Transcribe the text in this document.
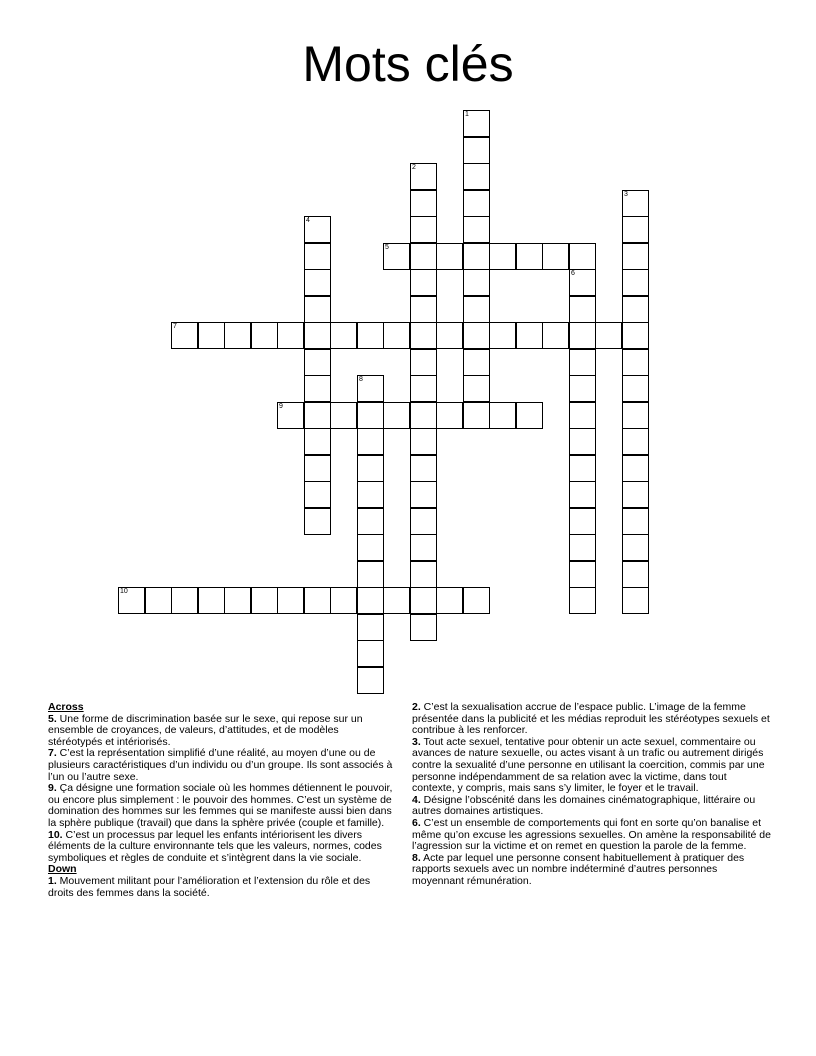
Mots clés
1
2
3
4
5
6
7
8
9
10

Across

5. Une forme de discrimination basée sur le sexe, qui repose sur un ensemble de croyances, de valeurs, d’attitudes, et de modèles stéréotypés et intériorisés.

7. C’est la représentation simplifié d’une réalité, au moyen d’une ou de plusieurs caractéristiques d’un individu ou d’un groupe. Ils sont associés à l’un ou l’autre sexe.

9. Ça désigne une formation sociale où les hommes détiennent le pouvoir, ou encore plus simplement : le pouvoir des hommes. C’est un système de domination des hommes sur les femmes qui se manifeste aussi bien dans la sphère publique (travail) que dans la sphère privée (couple et famille).

10. C’est un processus par lequel les enfants intériorisent les divers éléments de la culture environnante tels que les valeurs, normes, codes symboliques et règles de conduite et s’intègrent dans la vie sociale.

Down

1. Mouvement militant pour l’amélioration et l’extension du rôle et des droits des femmes dans la société.

2. C’est la sexualisation accrue de l’espace public. L’image de la femme présentée dans la publicité et les médias reproduit les stéréotypes sexuels et contribue à les renforcer.

3. Tout acte sexuel, tentative pour obtenir un acte sexuel, commentaire ou avances de nature sexuelle, ou actes visant à un trafic ou autrement dirigés contre la sexualité d’une personne en utilisant la coercition, commis par une personne indépendamment de sa relation avec la victime, dans tout contexte, y compris, mais sans s’y limiter, le foyer et le travail.

4. Désigne l’obscénité dans les domaines cinématographique, littéraire ou autres domaines artistiques.

6. C’est un ensemble de comportements qui font en sorte qu’on banalise et même qu’on excuse les agressions sexuelles. On amène la responsabilité de l’agression sur la victime et on remet en question la parole de la femme.

8. Acte par lequel une personne consent habituellement à pratiquer des rapports sexuels avec un nombre indéterminé d’autres personnes moyennant rémunération.
